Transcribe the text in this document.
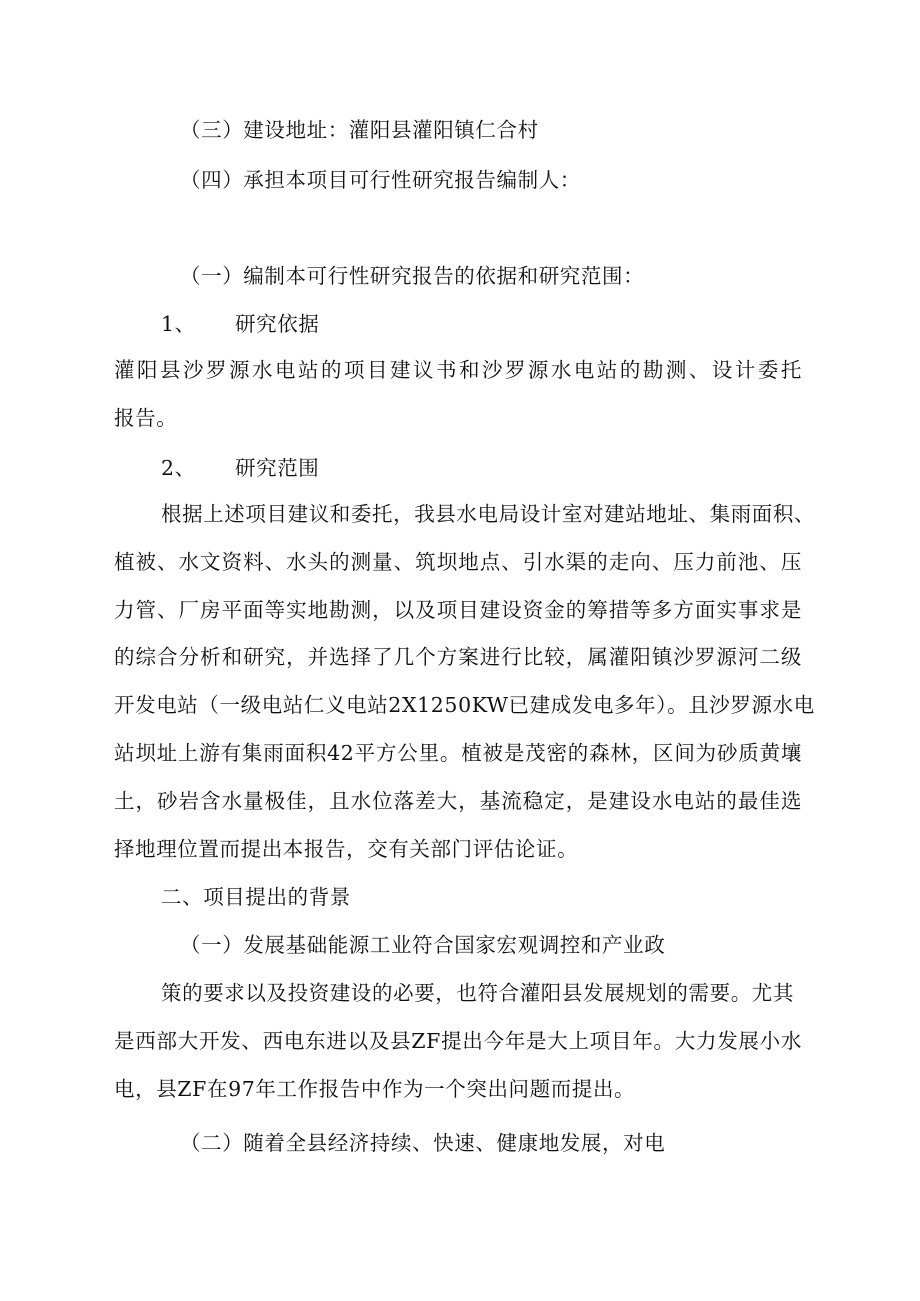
（三）建设地址：灌阳县灌阳镇仁合村
（四）承担本项目可行性研究报告编制人：
（一）编制本可行性研究报告的依据和研究范围：
1、 研究依据
灌阳县沙罗源水电站的项目建议书和沙罗源水电站的勘测、设计委托
报告。
2、 研究范围
根据上述项目建议和委托，我县水电局设计室对建站地址、集雨面积、
植被、水文资料、水头的测量、筑坝地点、引水渠的走向、压力前池、压
力管、厂房平面等实地勘测，以及项目建设资金的筹措等多方面实事求是
的综合分析和研究，并选择了几个方案进行比较，属灌阳镇沙罗源河二级
开发电站（一级电站仁义电站2X1250KW已建成发电多年）。且沙罗源水电
站坝址上游有集雨面积42平方公里。植被是茂密的森林，区间为砂质黄壤
土，砂岩含水量极佳，且水位落差大，基流稳定，是建设水电站的最佳选
择地理位置而提出本报告，交有关部门评估论证。
二、项目提出的背景
（一）发展基础能源工业符合国家宏观调控和产业政
策的要求以及投资建设的必要，也符合灌阳县发展规划的需要。尤其
是西部大开发、西电东进以及县ZF提出今年是大上项目年。大力发展小水
电，县ZF在97年工作报告中作为一个突出问题而提出。
（二）随着全县经济持续、快速、健康地发展，对电
